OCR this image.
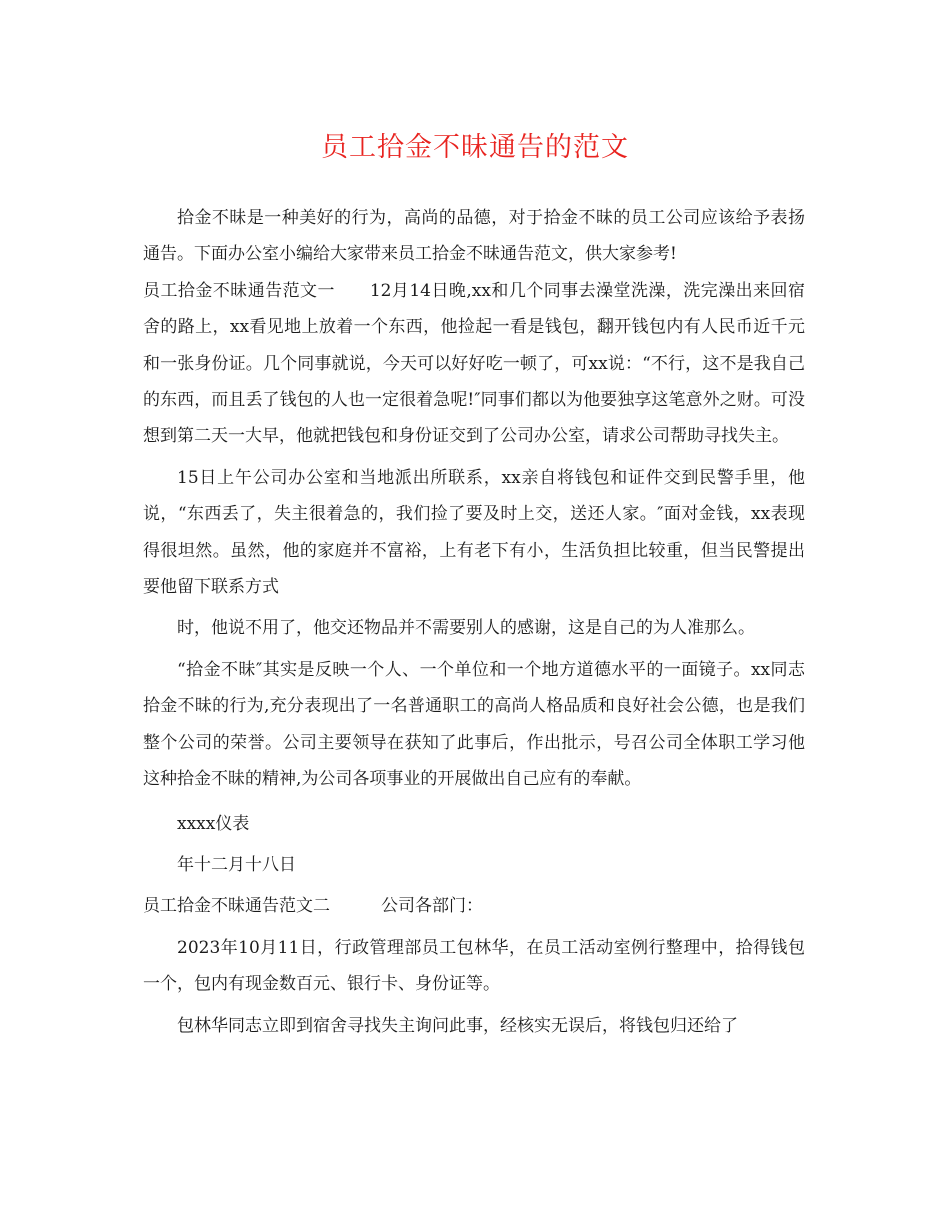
员工拾金不昧通告的范文

拾金不昧是一种美好的行为，高尚的品德，对于拾金不昧的员工公司应该给予表扬通告。下面办公室小编给大家带来员工拾金不昧通告范文，供大家参考!

员工拾金不昧通告范文一　　12月14日晚,xx和几个同事去澡堂洗澡，洗完澡出来回宿舍的路上，xx看见地上放着一个东西，他捡起一看是钱包，翻开钱包内有人民币近千元和一张身份证。几个同事就说，今天可以好好吃一顿了，可xx说：“不行，这不是我自己的东西，而且丢了钱包的人也一定很着急呢!″同事们都以为他要独享这笔意外之财。可没想到第二天一大早，他就把钱包和身份证交到了公司办公室，请求公司帮助寻找失主。

15日上午公司办公室和当地派出所联系，xx亲自将钱包和证件交到民警手里，他说，“东西丢了，失主很着急的，我们捡了要及时上交，送还人家。″面对金钱，xx表现得很坦然。虽然，他的家庭并不富裕，上有老下有小，生活负担比较重，但当民警提出要他留下联系方式

时，他说不用了，他交还物品并不需要别人的感谢，这是自己的为人准那么。

“拾金不昧″其实是反映一个人、一个单位和一个地方道德水平的一面镜子。xx同志拾金不昧的行为,充分表现出了一名普通职工的高尚人格品质和良好社会公德，也是我们整个公司的荣誉。公司主要领导在获知了此事后，作出批示，号召公司全体职工学习他这种拾金不昧的精神,为公司各项事业的开展做出自己应有的奉献。

xxxx仪表

年十二月十八日

员工拾金不昧通告范文二　　　公司各部门：

2023年10月11日，行政管理部员工包林华，在员工活动室例行整理中，拾得钱包一个，包内有现金数百元、银行卡、身份证等。

包林华同志立即到宿舍寻找失主询问此事，经核实无误后，将钱包归还给了
